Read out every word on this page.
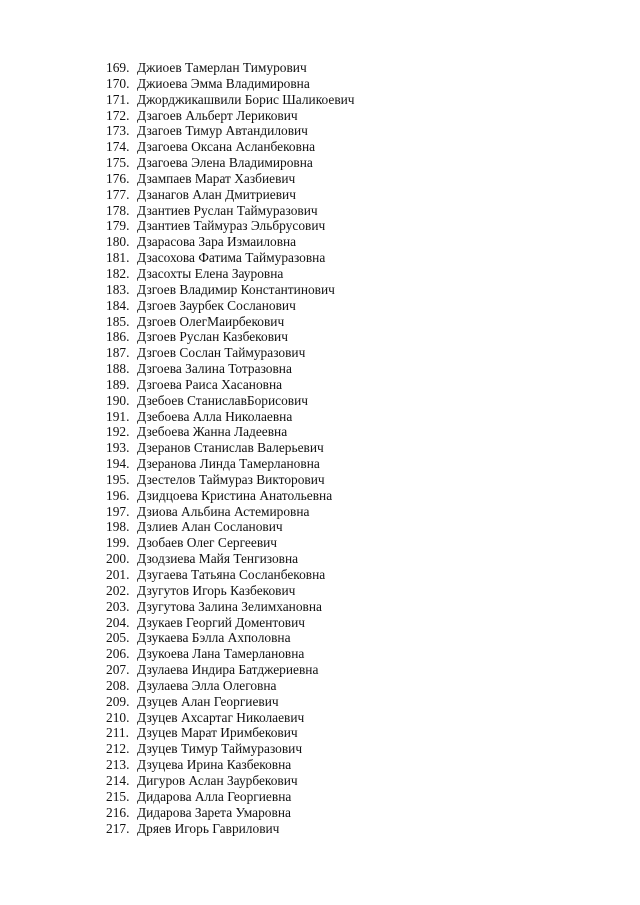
169. Джиоев Тамерлан Тимурович
170. Джиоева Эмма Владимировна
171. Джорджикашвили Борис Шаликоевич
172. Дзагоев Альберт Лерикович
173. Дзагоев Тимур Автандилович
174. Дзагоева Оксана Асланбековна
175. Дзагоева Элена Владимировна
176. Дзампаев Марат Хазбиевич
177. Дзанагов Алан Дмитриевич
178. Дзантиев Руслан Таймуразович
179. Дзантиев Таймураз Эльбрусович
180. Дзарасова Зара Измаиловна
181. Дзасохова Фатима Таймуразовна
182. Дзасохты Елена Зауровна
183. Дзгоев Владимир Константинович
184. Дзгоев Заурбек Сосланович
185. Дзгоев ОлегМаирбекович
186. Дзгоев Руслан Казбекович
187. Дзгоев Сослан Таймуразович
188. Дзгоева Залина Тотразовна
189. Дзгоева Раиса Хасановна
190. Дзебоев СтаниславБорисович
191. Дзебоева Алла Николаевна
192. Дзебоева Жанна Ладеевна
193. Дзеранов Станислав Валерьевич
194. Дзеранова Линда Тамерлановна
195. Дзестелов Таймураз Викторович
196. Дзидцоева Кристина Анатольевна
197. Дзиова Альбина Астемировна
198. Дзлиев Алан Сосланович
199. Дзобаев Олег Сергеевич
200. Дзодзиева Майя Тенгизовна
201. Дзугаева Татьяна Сосланбековна
202. Дзугутов Игорь Казбекович
203. Дзугутова Залина Зелимхановна
204. Дзукаев Георгий Доментович
205. Дзукаева Бэлла Ахполовна
206. Дзукоева Лана Тамерлановна
207. Дзулаева Индира Батджериевна
208. Дзулаева Элла Олеговна
209. Дзуцев Алан Георгиевич
210. Дзуцев Ахсартаг Николаевич
211. Дзуцев Марат Иримбекович
212. Дзуцев Тимур Таймуразович
213. Дзуцева Ирина Казбековна
214. Дигуров Аслан Заурбекович
215. Дидарова Алла Георгиевна
216. Дидарова Зарета Умаровна
217. Дряев Игорь Гаврилович
